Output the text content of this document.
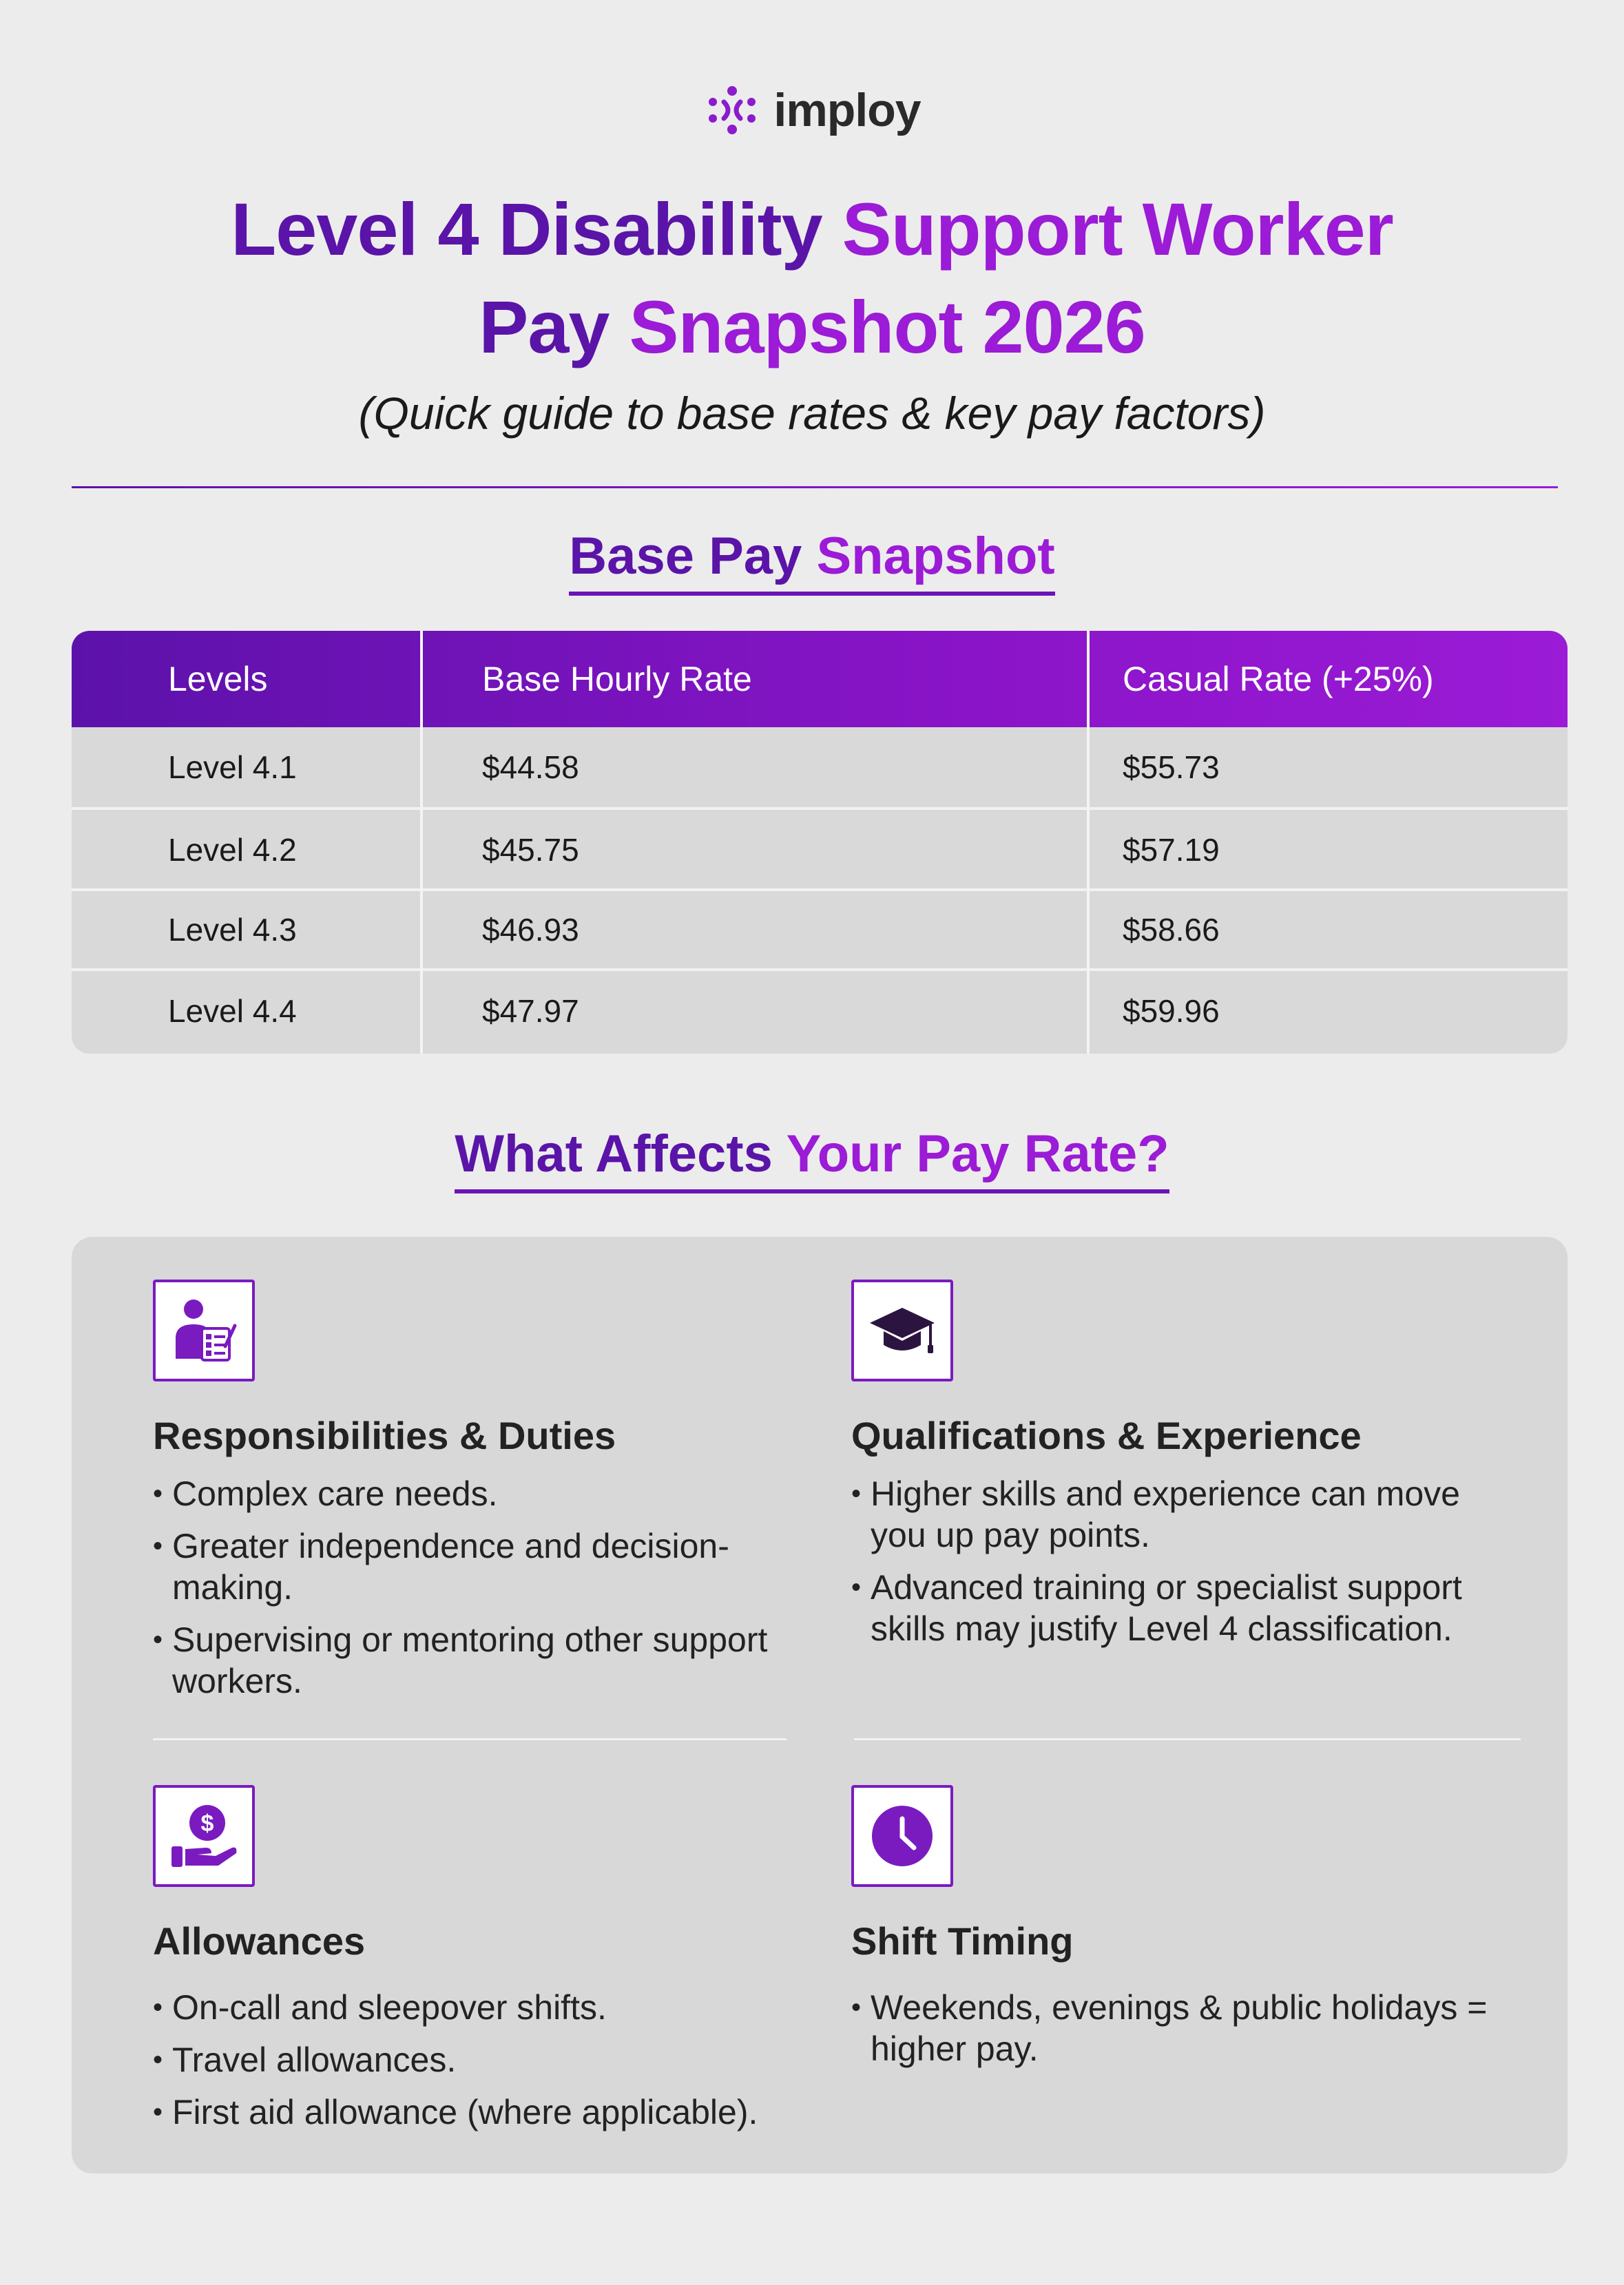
imploy
Level 4 Disability Support Worker
Pay Snapshot 2026
(Quick guide to base rates & key pay factors)
Base Pay Snapshot
Levels	Base Hourly Rate	Casual Rate (+25%)
Level 4.1	$44.58	$55.73
Level 4.2	$45.75	$57.19
Level 4.3	$46.93	$58.66
Level 4.4	$47.97	$59.96
What Affects Your Pay Rate?
Responsibilities & Duties
• Complex care needs.
• Greater independence and decision-making.
• Supervising or mentoring other support workers.
Qualifications & Experience
• Higher skills and experience can move you up pay points.
• Advanced training or specialist support skills may justify Level 4 classification.
$
Allowances
• On-call and sleepover shifts.
• Travel allowances.
• First aid allowance (where applicable).
Shift Timing
• Weekends, evenings & public holidays = higher pay.
